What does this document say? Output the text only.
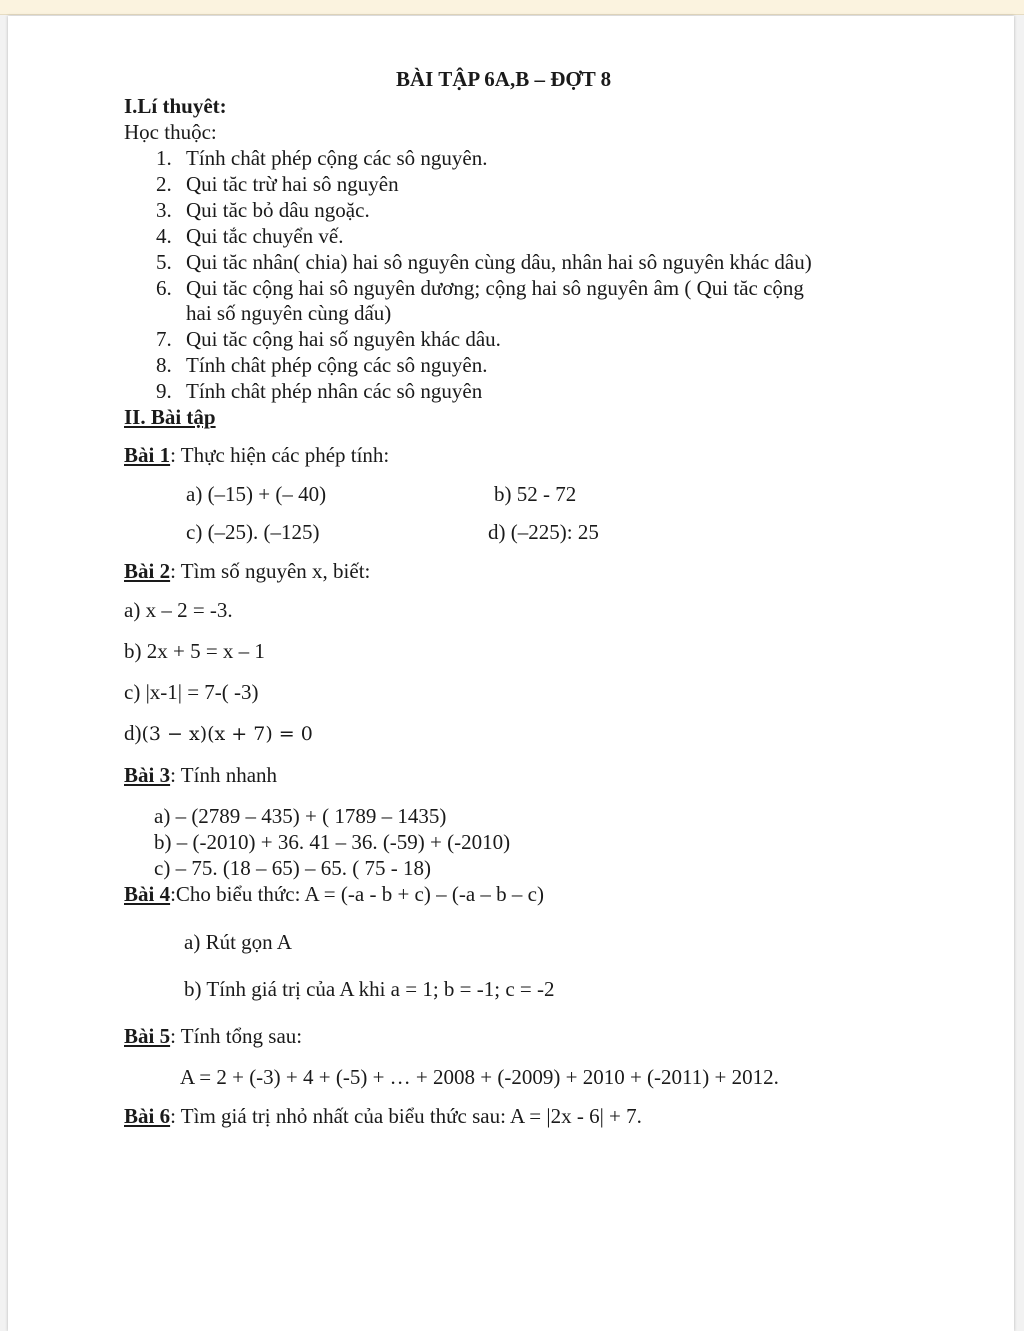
BÀI TẬP 6A,B – ĐỢT 8
I.Lí thuyêt:
Học thuộc:
1. Tính chât phép cộng các sô nguyên.
2. Qui tăc trừ hai sô nguyên
3. Qui tăc bỏ dâu ngoặc.
4. Qui tắc chuyển vế.
5. Qui tăc nhân( chia) hai sô nguyên cùng dâu, nhân hai sô nguyên khác dâu)
6. Qui tăc cộng hai sô nguyên dương; cộng hai sô nguyên âm ( Qui tăc cộng
hai số nguyên cùng dấu)
7. Qui tăc cộng hai số nguyên khác dâu.
8. Tính chât phép cộng các sô nguyên.
9. Tính chât phép nhân các sô nguyên
II. Bài tập
Bài 1: Thực hiện các phép tính:
a) (–15) + (– 40)	b) 52 - 72
c) (–25). (–125)	d) (–225): 25
Bài 2: Tìm số nguyên x, biết:
a) x – 2 = -3.
b) 2x + 5 = x – 1
c) |x-1| = 7-( -3)
d)(3 − x)(x + 7) = 0
Bài 3: Tính nhanh
a) – (2789 – 435) + ( 1789 – 1435)
b) – (-2010) + 36. 41 – 36. (-59) + (-2010)
c) – 75. (18 – 65) – 65. ( 75 - 18)
Bài 4:Cho biểu thức: A = (-a - b + c) – (-a – b – c)
a) Rút gọn A
b) Tính giá trị của A khi a = 1; b = -1; c = -2
Bài 5: Tính tổng sau:
A = 2 + (-3) + 4 + (-5) + … + 2008 + (-2009) + 2010 + (-2011) + 2012.
Bài 6: Tìm giá trị nhỏ nhất của biểu thức sau: A = |2x - 6| + 7.
